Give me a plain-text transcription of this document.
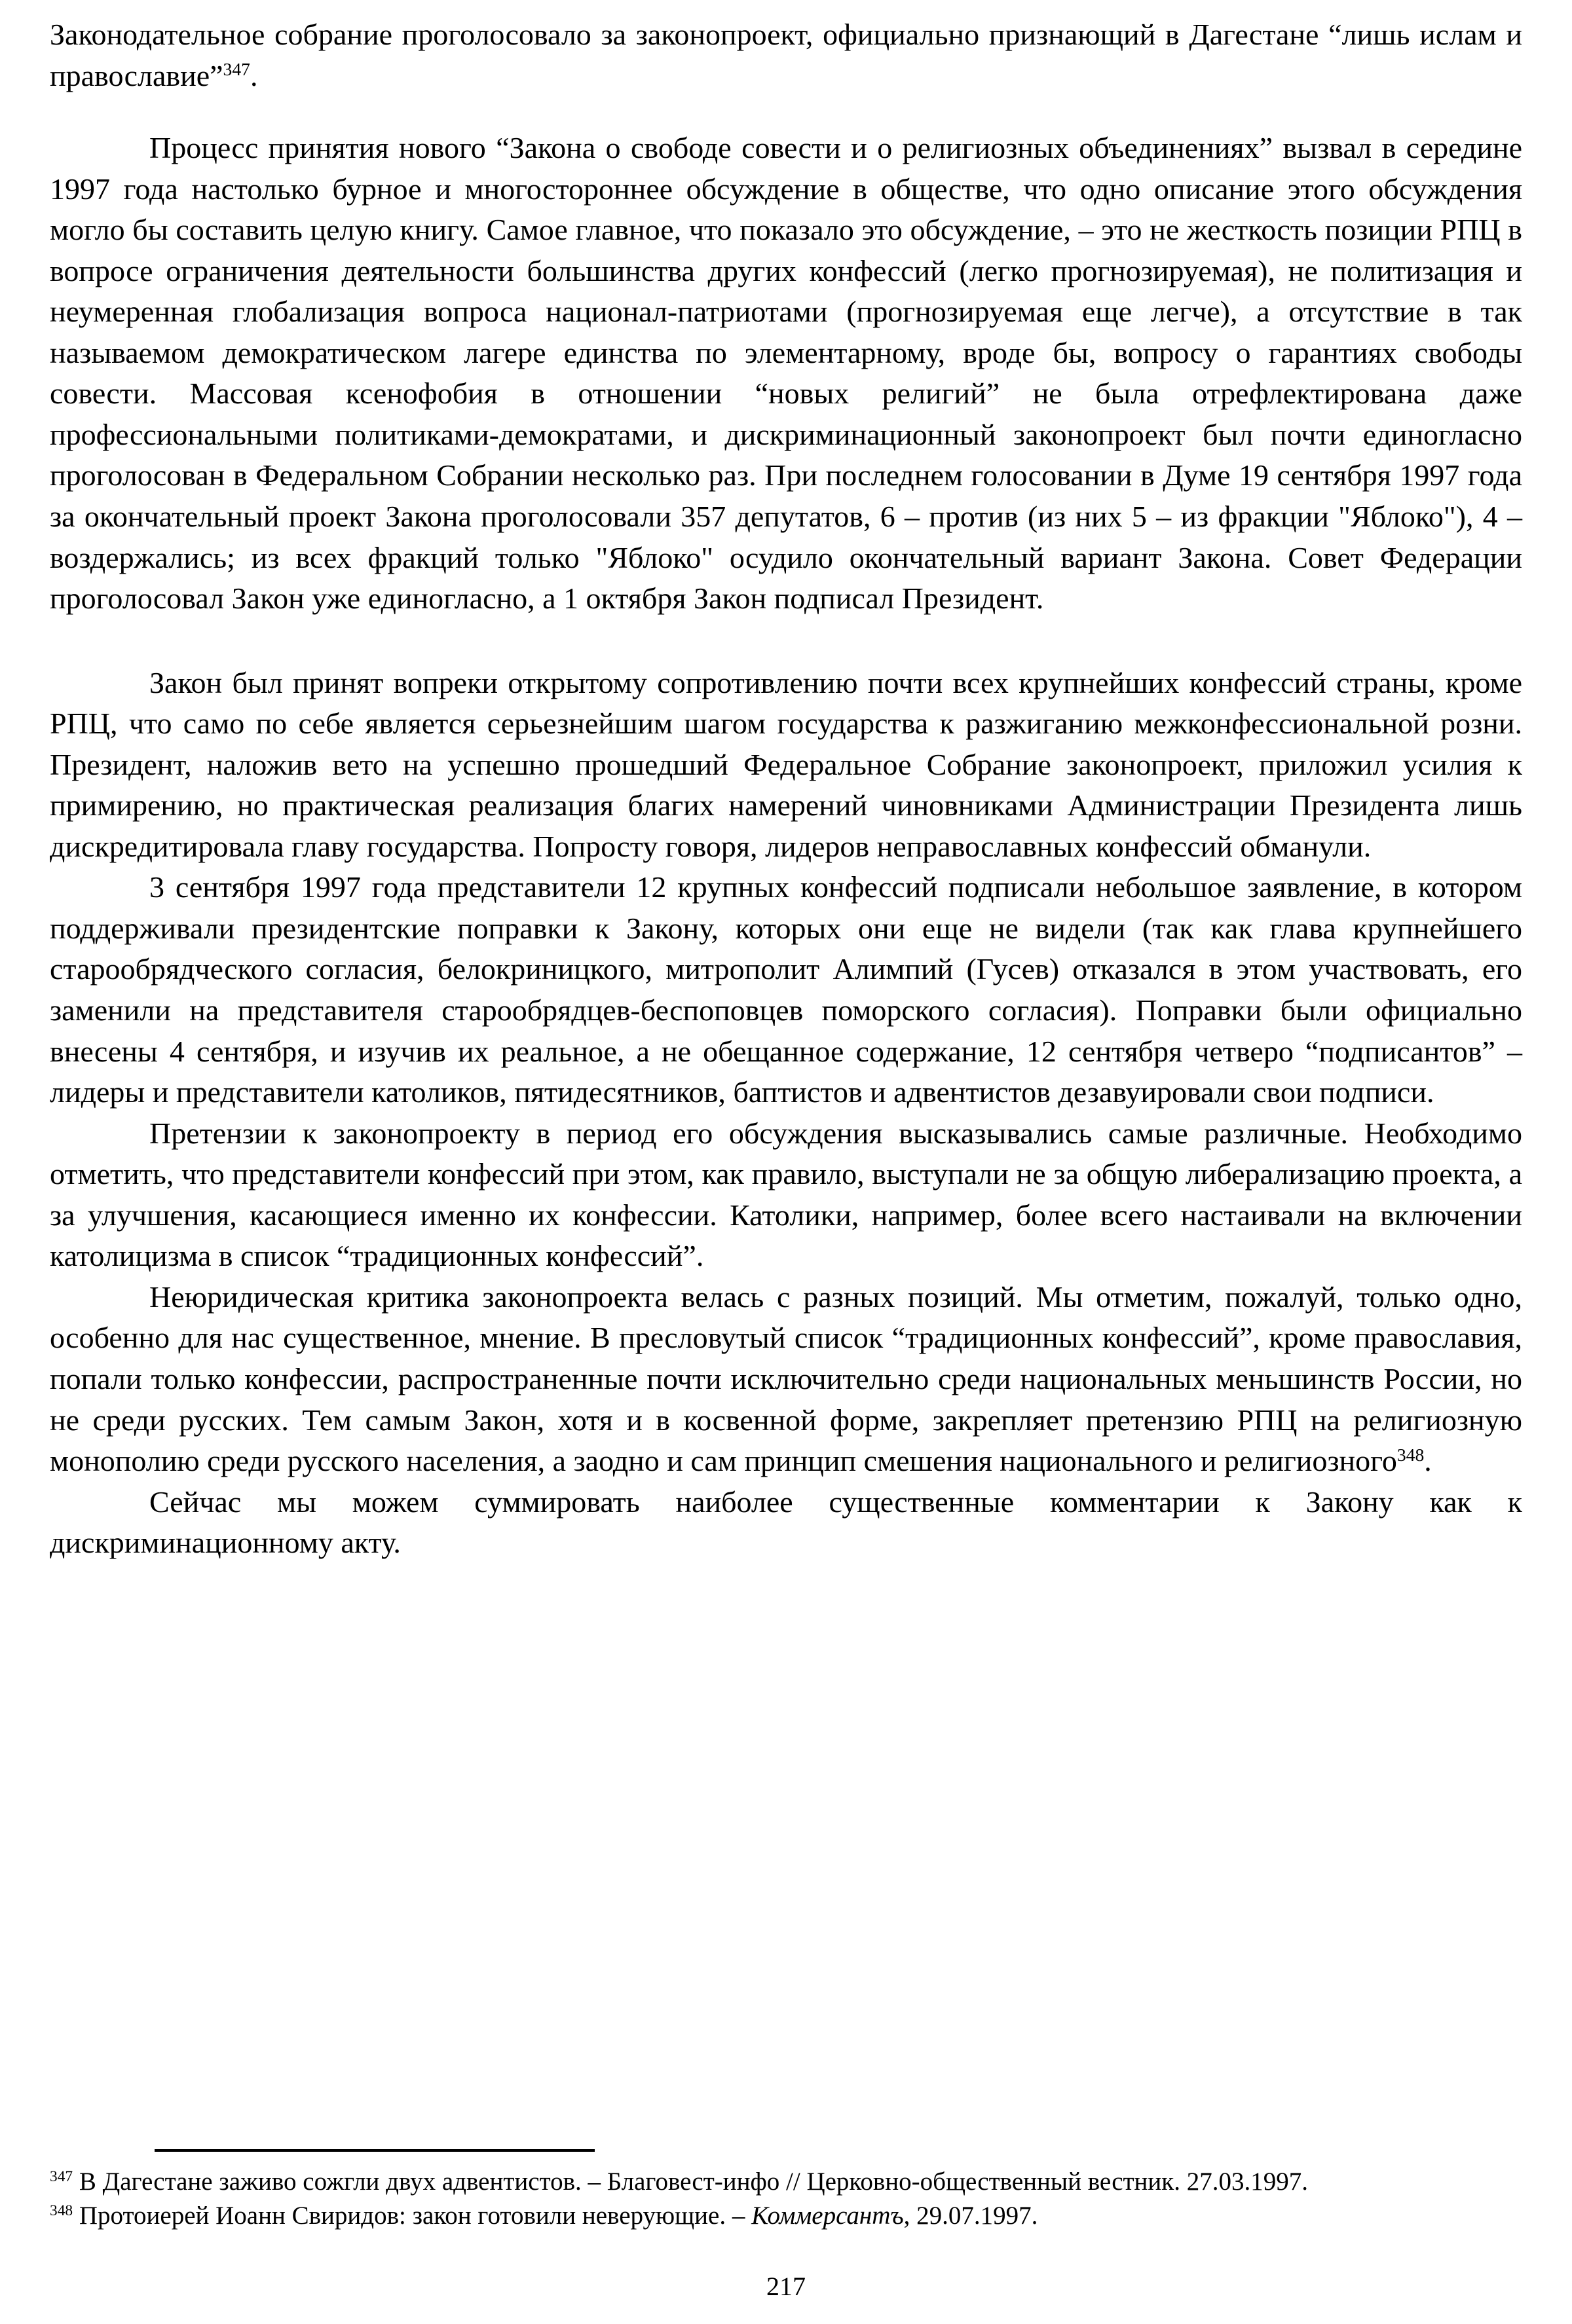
Законодательное собрание проголосовало за законопроект, официально признающий в Дагестане “лишь ислам и православие”$^{347}$.

Процесс принятия нового “Закона о свободе совести и о религиозных объединениях” вызвал в середине 1997 года настолько бурное и многостороннее обсуждение в обществе, что одно описание этого обсуждения могло бы составить целую книгу. Самое главное, что показало это обсуждение, – это не жесткость позиции РПЦ в вопросе ограничения деятельности большинства других конфессий (легко прогнозируемая), не политизация и неумеренная глобализация вопроса национал-патриотами (прогнозируемая еще легче), а отсутствие в так называемом демократическом лагере единства по элементарному, вроде бы, вопросу о гарантиях свободы совести. Массовая ксенофобия в отношении “новых религий” не была отрефлектирована даже профессиональными политиками-демократами, и дискриминационный законопроект был почти единогласно проголосован в Федеральном Собрании несколько раз. При последнем голосовании в Думе 19 сентября 1997 года за окончательный проект Закона проголосовали 357 депутатов, 6 – против (из них 5 – из фракции "Яблоко"), 4 – воздержались; из всех фракций только "Яблоко" осудило окончательный вариант Закона. Совет Федерации проголосовал Закон уже единогласно, а 1 октября Закон подписал Президент.

Закон был принят вопреки открытому сопротивлению почти всех крупнейших конфессий страны, кроме РПЦ, что само по себе является серьезнейшим шагом государства к разжиганию межконфессиональной розни. Президент, наложив вето на успешно прошедший Федеральное Собрание законопроект, приложил усилия к примирению, но практическая реализация благих намерений чиновниками Администрации Президента лишь дискредитировала главу государства. Попросту говоря, лидеров неправославных конфессий обманули.

3 сентября 1997 года представители 12 крупных конфессий подписали небольшое заявление, в котором поддерживали президентские поправки к Закону, которых они еще не видели (так как глава крупнейшего старообрядческого согласия, белокриницкого, митрополит Алимпий (Гусев) отказался в этом участвовать, его заменили на представителя старообрядцев-беспоповцев поморского согласия). Поправки были официально внесены 4 сентября, и изучив их реальное, а не обещанное содержание, 12 сентября четверо “подписантов” – лидеры и представители католиков, пятидесятников, баптистов и адвентистов дезавуировали свои подписи.

Претензии к законопроекту в период его обсуждения высказывались самые различные. Необходимо отметить, что представители конфессий при этом, как правило, выступали не за общую либерализацию проекта, а за улучшения, касающиеся именно их конфессии. Католики, например, более всего настаивали на включении католицизма в список “традиционных конфессий”.

Неюридическая критика законопроекта велась с разных позиций. Мы отметим, пожалуй, только одно, особенно для нас существенное, мнение. В пресловутый список “традиционных конфессий”, кроме православия, попали только конфессии, распространенные почти исключительно среди национальных меньшинств России, но не среди русских. Тем самым Закон, хотя и в косвенной форме, закрепляет претензию РПЦ на религиозную монополию среди русского населения, а заодно и сам принцип смешения национального и религиозного$^{348}$.

Сейчас мы можем суммировать наиболее существенные комментарии к Закону как к дискриминационному акту.

$^{347}$ В Дагестане заживо сожгли двух адвентистов. – Благовест-инфо // Церковно-общественный вестник. 27.03.1997.

$^{348}$ Протоиерей Иоанн Свиридов: закон готовили неверующие. – Коммерсантъ, 29.07.1997.

217
